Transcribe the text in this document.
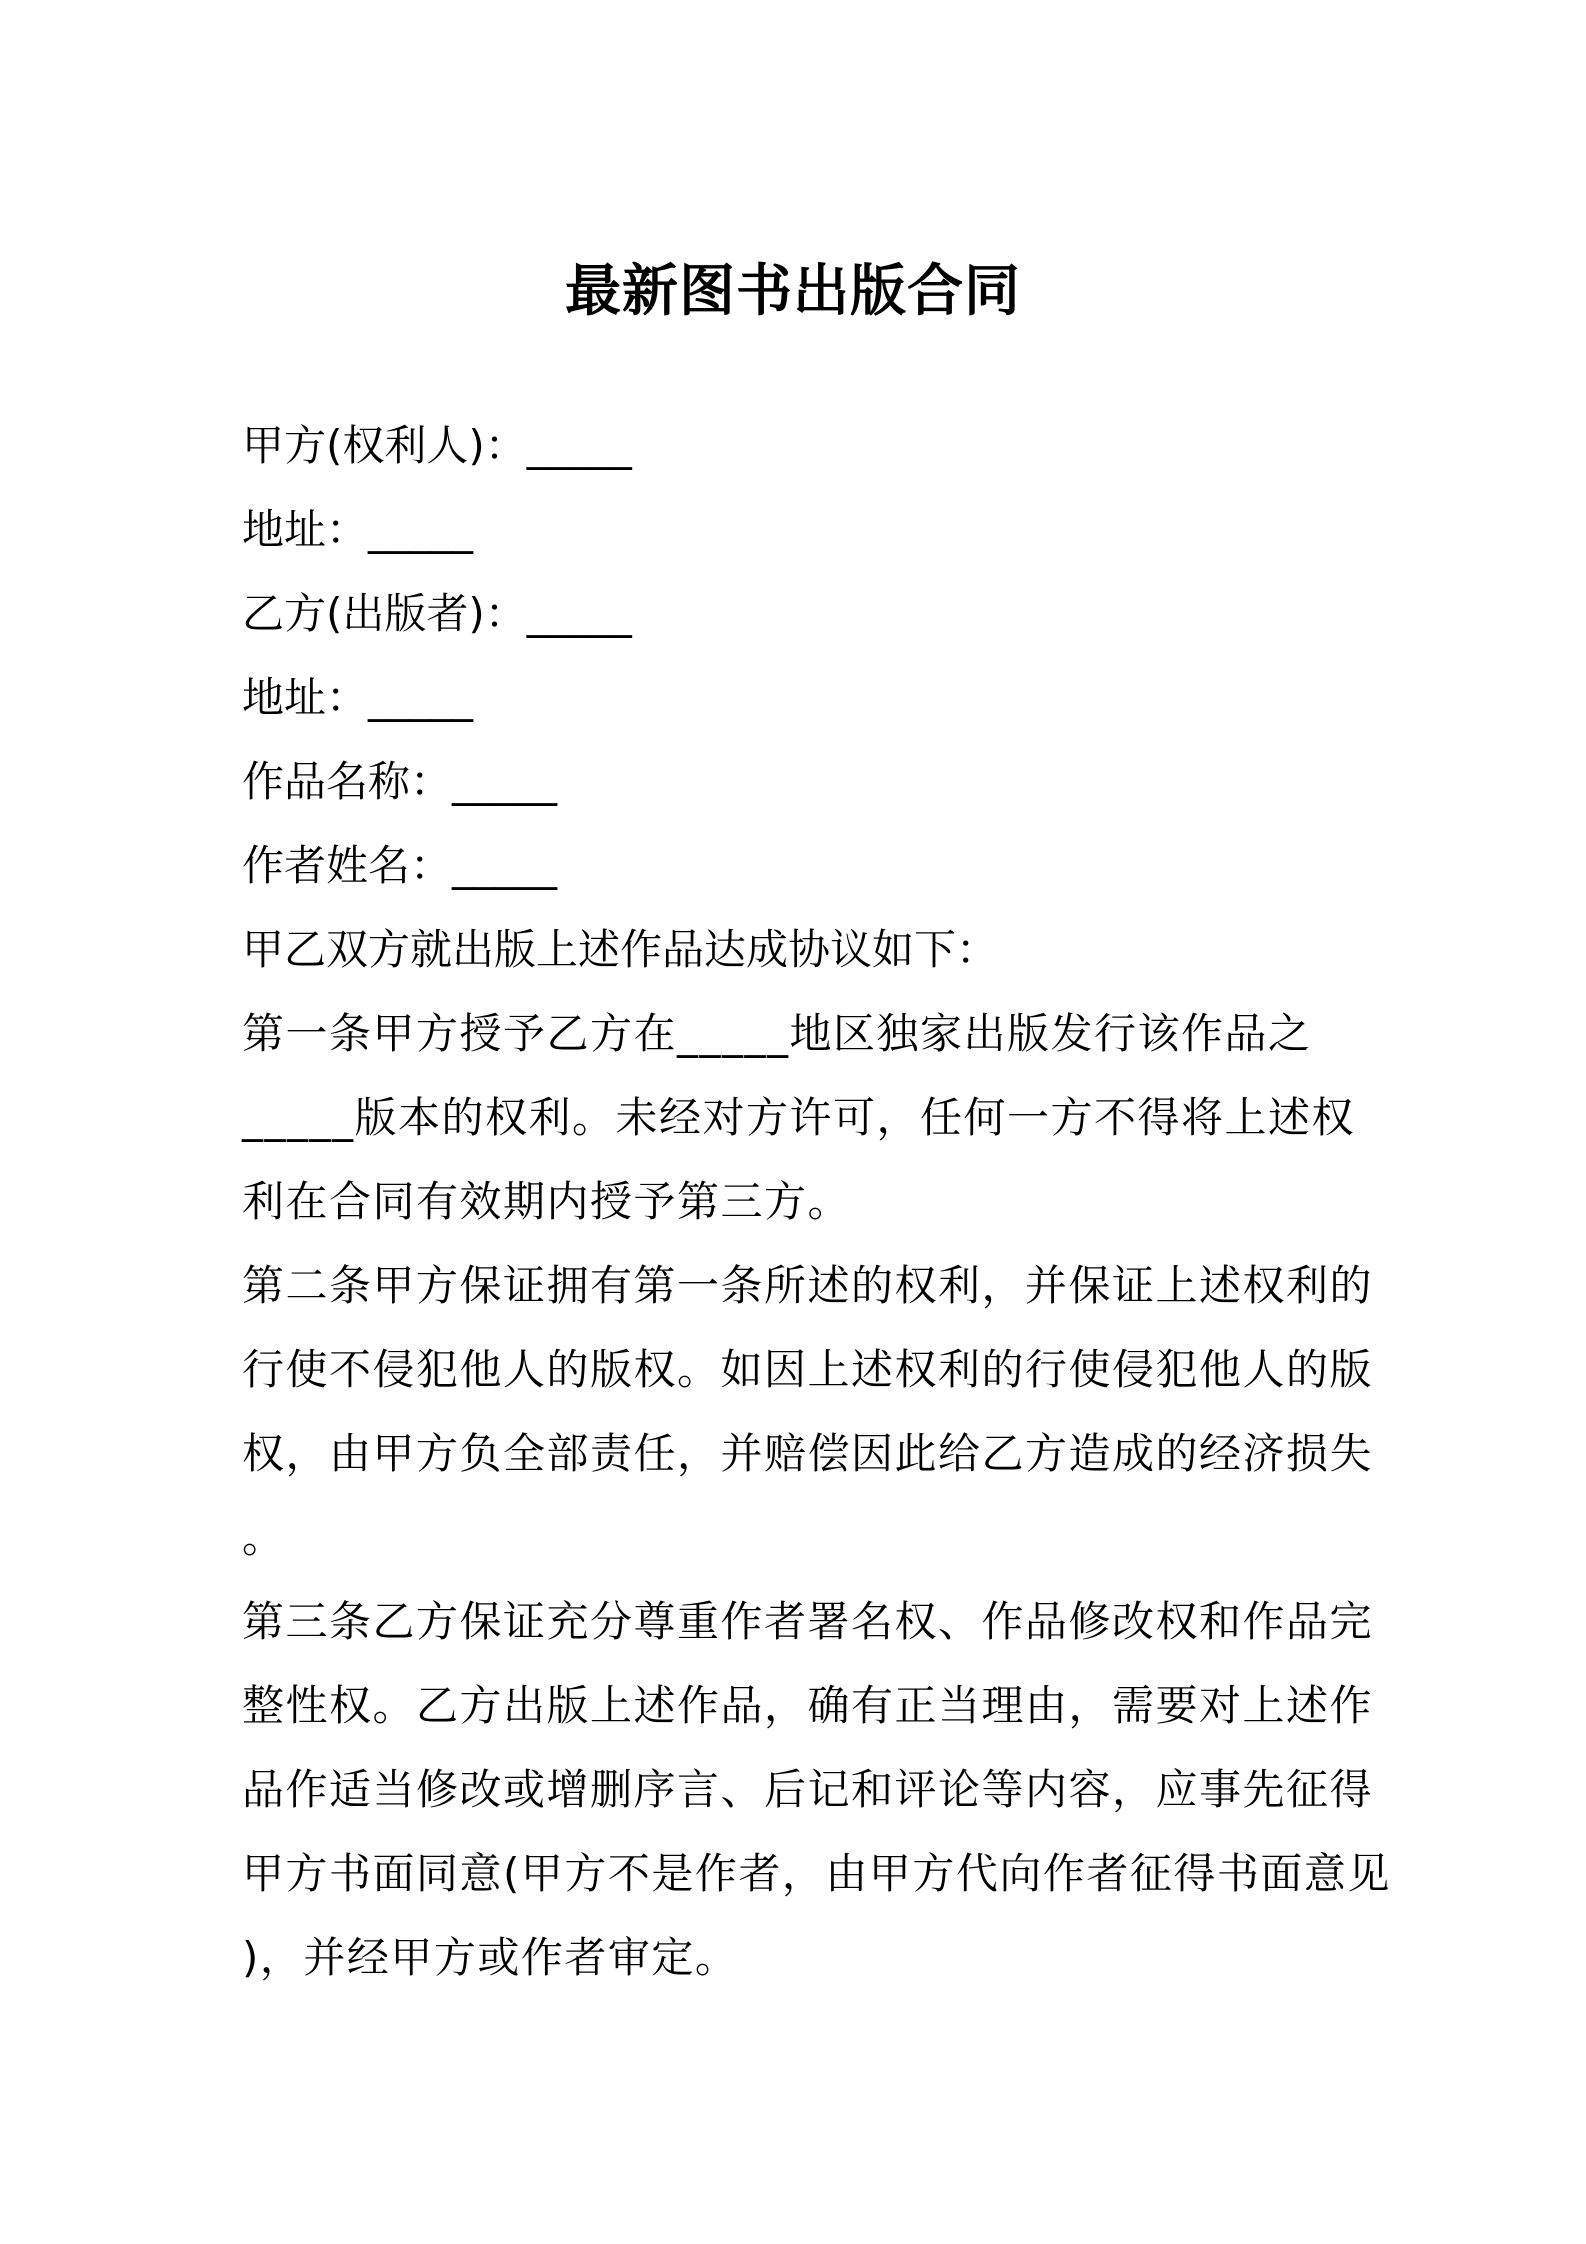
最新图书出版合同
甲方(权利人)：_____
地址：_____
乙方(出版者)：_____
地址：_____
作品名称：_____
作者姓名：_____
甲乙双方就出版上述作品达成协议如下：
第一条甲方授予乙方在_____地区独家出版发行该作品之
_____版本的权利。未经对方许可，任何一方不得将上述权
利在合同有效期内授予第三方。
第二条甲方保证拥有第一条所述的权利，并保证上述权利的
行使不侵犯他人的版权。如因上述权利的行使侵犯他人的版
权，由甲方负全部责任，并赔偿因此给乙方造成的经济损失
。
第三条乙方保证充分尊重作者署名权、作品修改权和作品完
整性权。乙方出版上述作品，确有正当理由，需要对上述作
品作适当修改或增删序言、后记和评论等内容，应事先征得
甲方书面同意(甲方不是作者，由甲方代向作者征得书面意见
)，并经甲方或作者审定。
